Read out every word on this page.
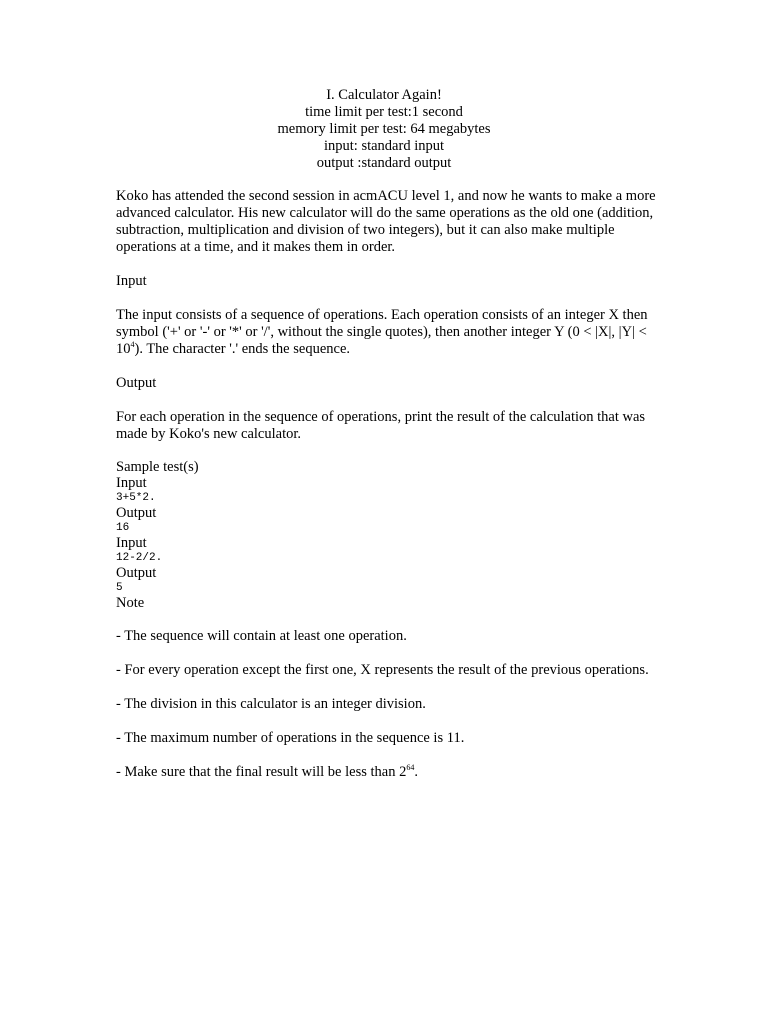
I. Calculator Again!
time limit per test:1 second
memory limit per test: 64 megabytes
input: standard input
output :standard output

Koko has attended the second session in acmACU level 1, and now he wants to make a more advanced calculator. His new calculator will do the same operations as the old one (addition, subtraction, multiplication and division of two integers), but it can also make multiple operations at a time, and it makes them in order.

Input

The input consists of a sequence of operations. Each operation consists of an integer X then symbol ('+' or '-' or '*' or '/', without the single quotes), then another integer Y (0 < |X|, $|Y| < 10^4$). The character '.' ends the sequence.

Output

For each operation in the sequence of operations, print the result of the calculation that was made by Koko's new calculator.

Sample test(s)

Input

3+5*2.

Output

16

Input

12-2/2.

Output

5

Note

- The sequence will contain at least one operation.

- For every operation except the first one, X represents the result of the previous operations.

- The division in this calculator is an integer division.

- The maximum number of operations in the sequence is 11.

- Make sure that the final result will be less than $2^{64}$.
